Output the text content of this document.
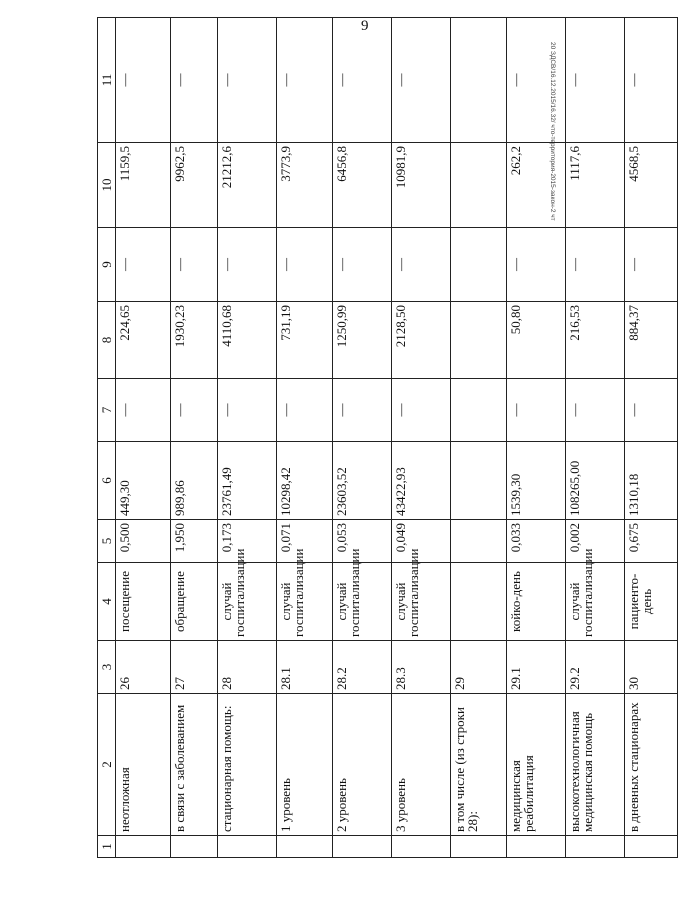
9
20 ЗДСВ/16.12.2015/16.32/ что-территория-2015-закон-2 чт
1	2	3	4	5	6	7	8	9	10	11
	неотложная	26	посещение	0,500	449,30	—	224,65	—	1159,5	—
	в связи с заболеванием	27	обращение	1,950	989,86	—	1930,23	—	9962,5	—
	стационарная помощь:	28	случай госпитализации	0,173	23761,49	—	4110,68	—	21212,6	—
	1 уровень	28.1	случай госпитализации	0,071	10298,42	—	731,19	—	3773,9	—
	2 уровень	28.2	случай госпитализации	0,053	23603,52	—	1250,99	—	6456,8	—
	3 уровень	28.3	случай госпитализации	0,049	43422,93	—	2128,50	—	10981,9	—
	в том числе (из строки 28):	29								
	медицинская реабилитация	29.1	койко-день	0,033	1539,30	—	50,80	—	262,2	—
	высокотехнологичная медицинская помощь	29.2	случай госпитализации	0,002	108265,00	—	216,53	—	1117,6	—
	в дневных стационарах	30	пациенто-день	0,675	1310,18	—	884,37	—	4568,5	—
